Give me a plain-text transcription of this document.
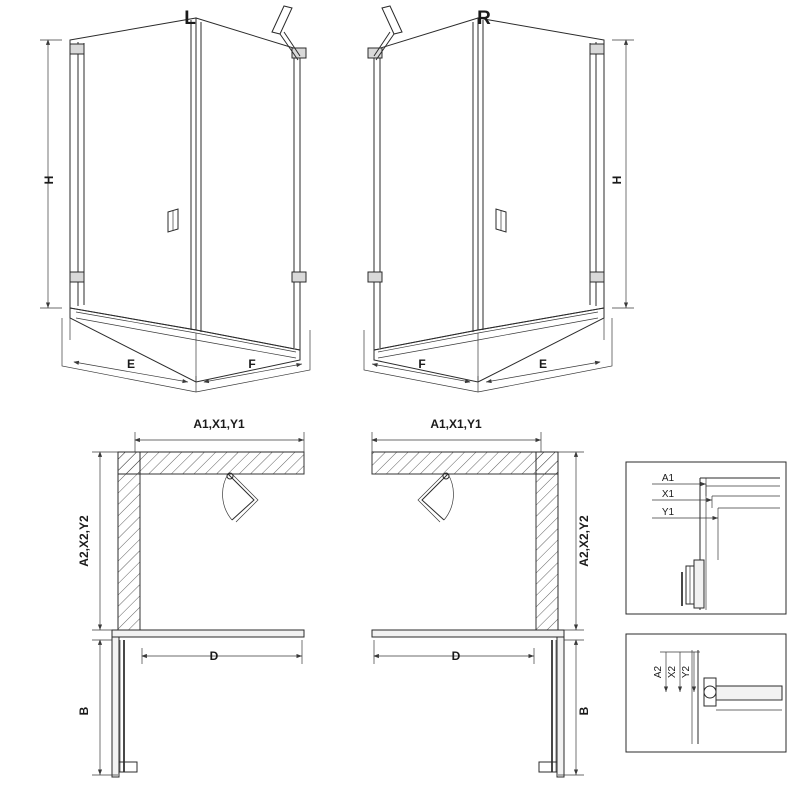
L	R
H	H
E	F	F	E
A1,X1,Y1	A1,X1,Y1
A2,X2,Y2	A2,X2,Y2
D	D
B	B
A1
X1
Y1
A2 X2 Y2
